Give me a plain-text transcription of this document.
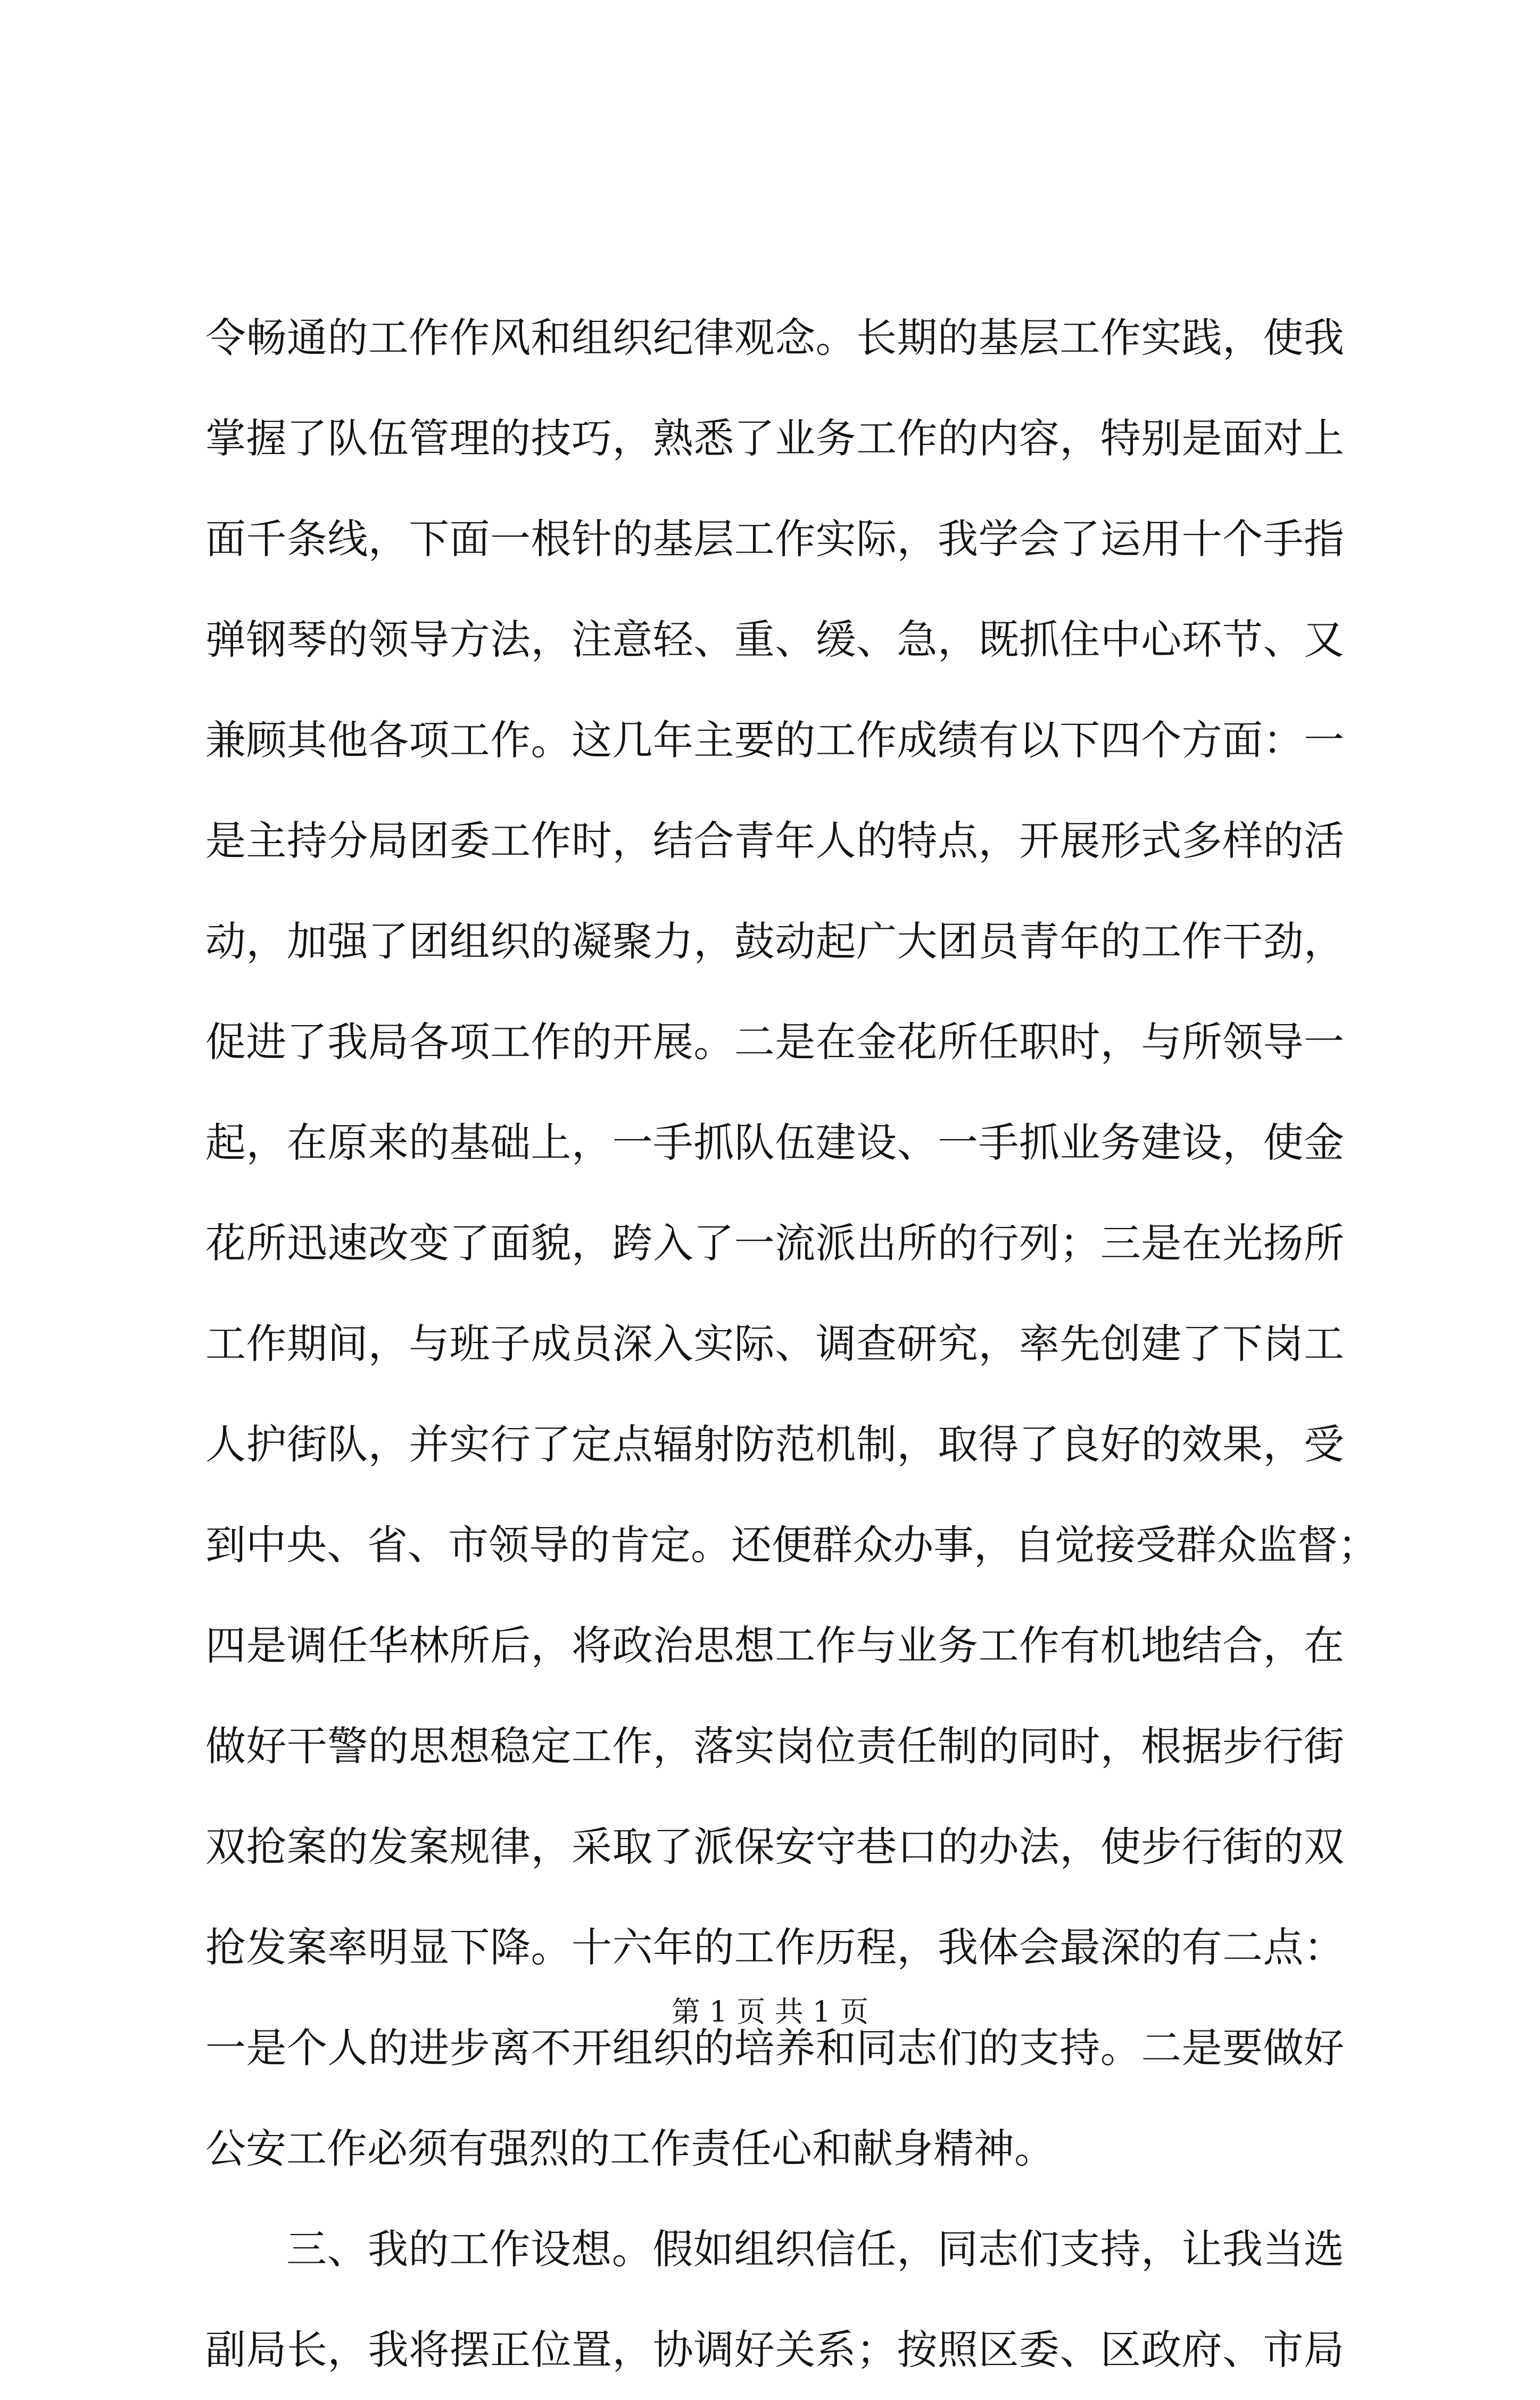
令畅通的工作作风和组织纪律观念。长期的基层工作实践，使我
掌握了队伍管理的技巧，熟悉了业务工作的内容，特别是面对上
面千条线，下面一根针的基层工作实际，我学会了运用十个手指
弹钢琴的领导方法，注意轻、重、缓、急，既抓住中心环节、又
兼顾其他各项工作。这几年主要的工作成绩有以下四个方面：一
是主持分局团委工作时，结合青年人的特点，开展形式多样的活
动，加强了团组织的凝聚力，鼓动起广大团员青年的工作干劲，
促进了我局各项工作的开展。二是在金花所任职时，与所领导一
起，在原来的基础上，一手抓队伍建设、一手抓业务建设，使金
花所迅速改变了面貌，跨入了一流派出所的行列；三是在光扬所
工作期间，与班子成员深入实际、调查研究，率先创建了下岗工
人护街队，并实行了定点辐射防范机制，取得了良好的效果，受
到中央、省、市领导的肯定。还便群众办事，自觉接受群众监督；
四是调任华林所后，将政治思想工作与业务工作有机地结合，在
做好干警的思想稳定工作，落实岗位责任制的同时，根据步行街
双抢案的发案规律，采取了派保安守巷口的办法，使步行街的双
抢发案率明显下降。十六年的工作历程，我体会最深的有二点：
一是个人的进步离不开组织的培养和同志们的支持。二是要做好
公安工作必须有强烈的工作责任心和献身精神。
三、我的工作设想。假如组织信任，同志们支持，让我当选
副局长，我将摆正位置，协调好关系；按照区委、区政府、市局
第 1 页 共 1 页
